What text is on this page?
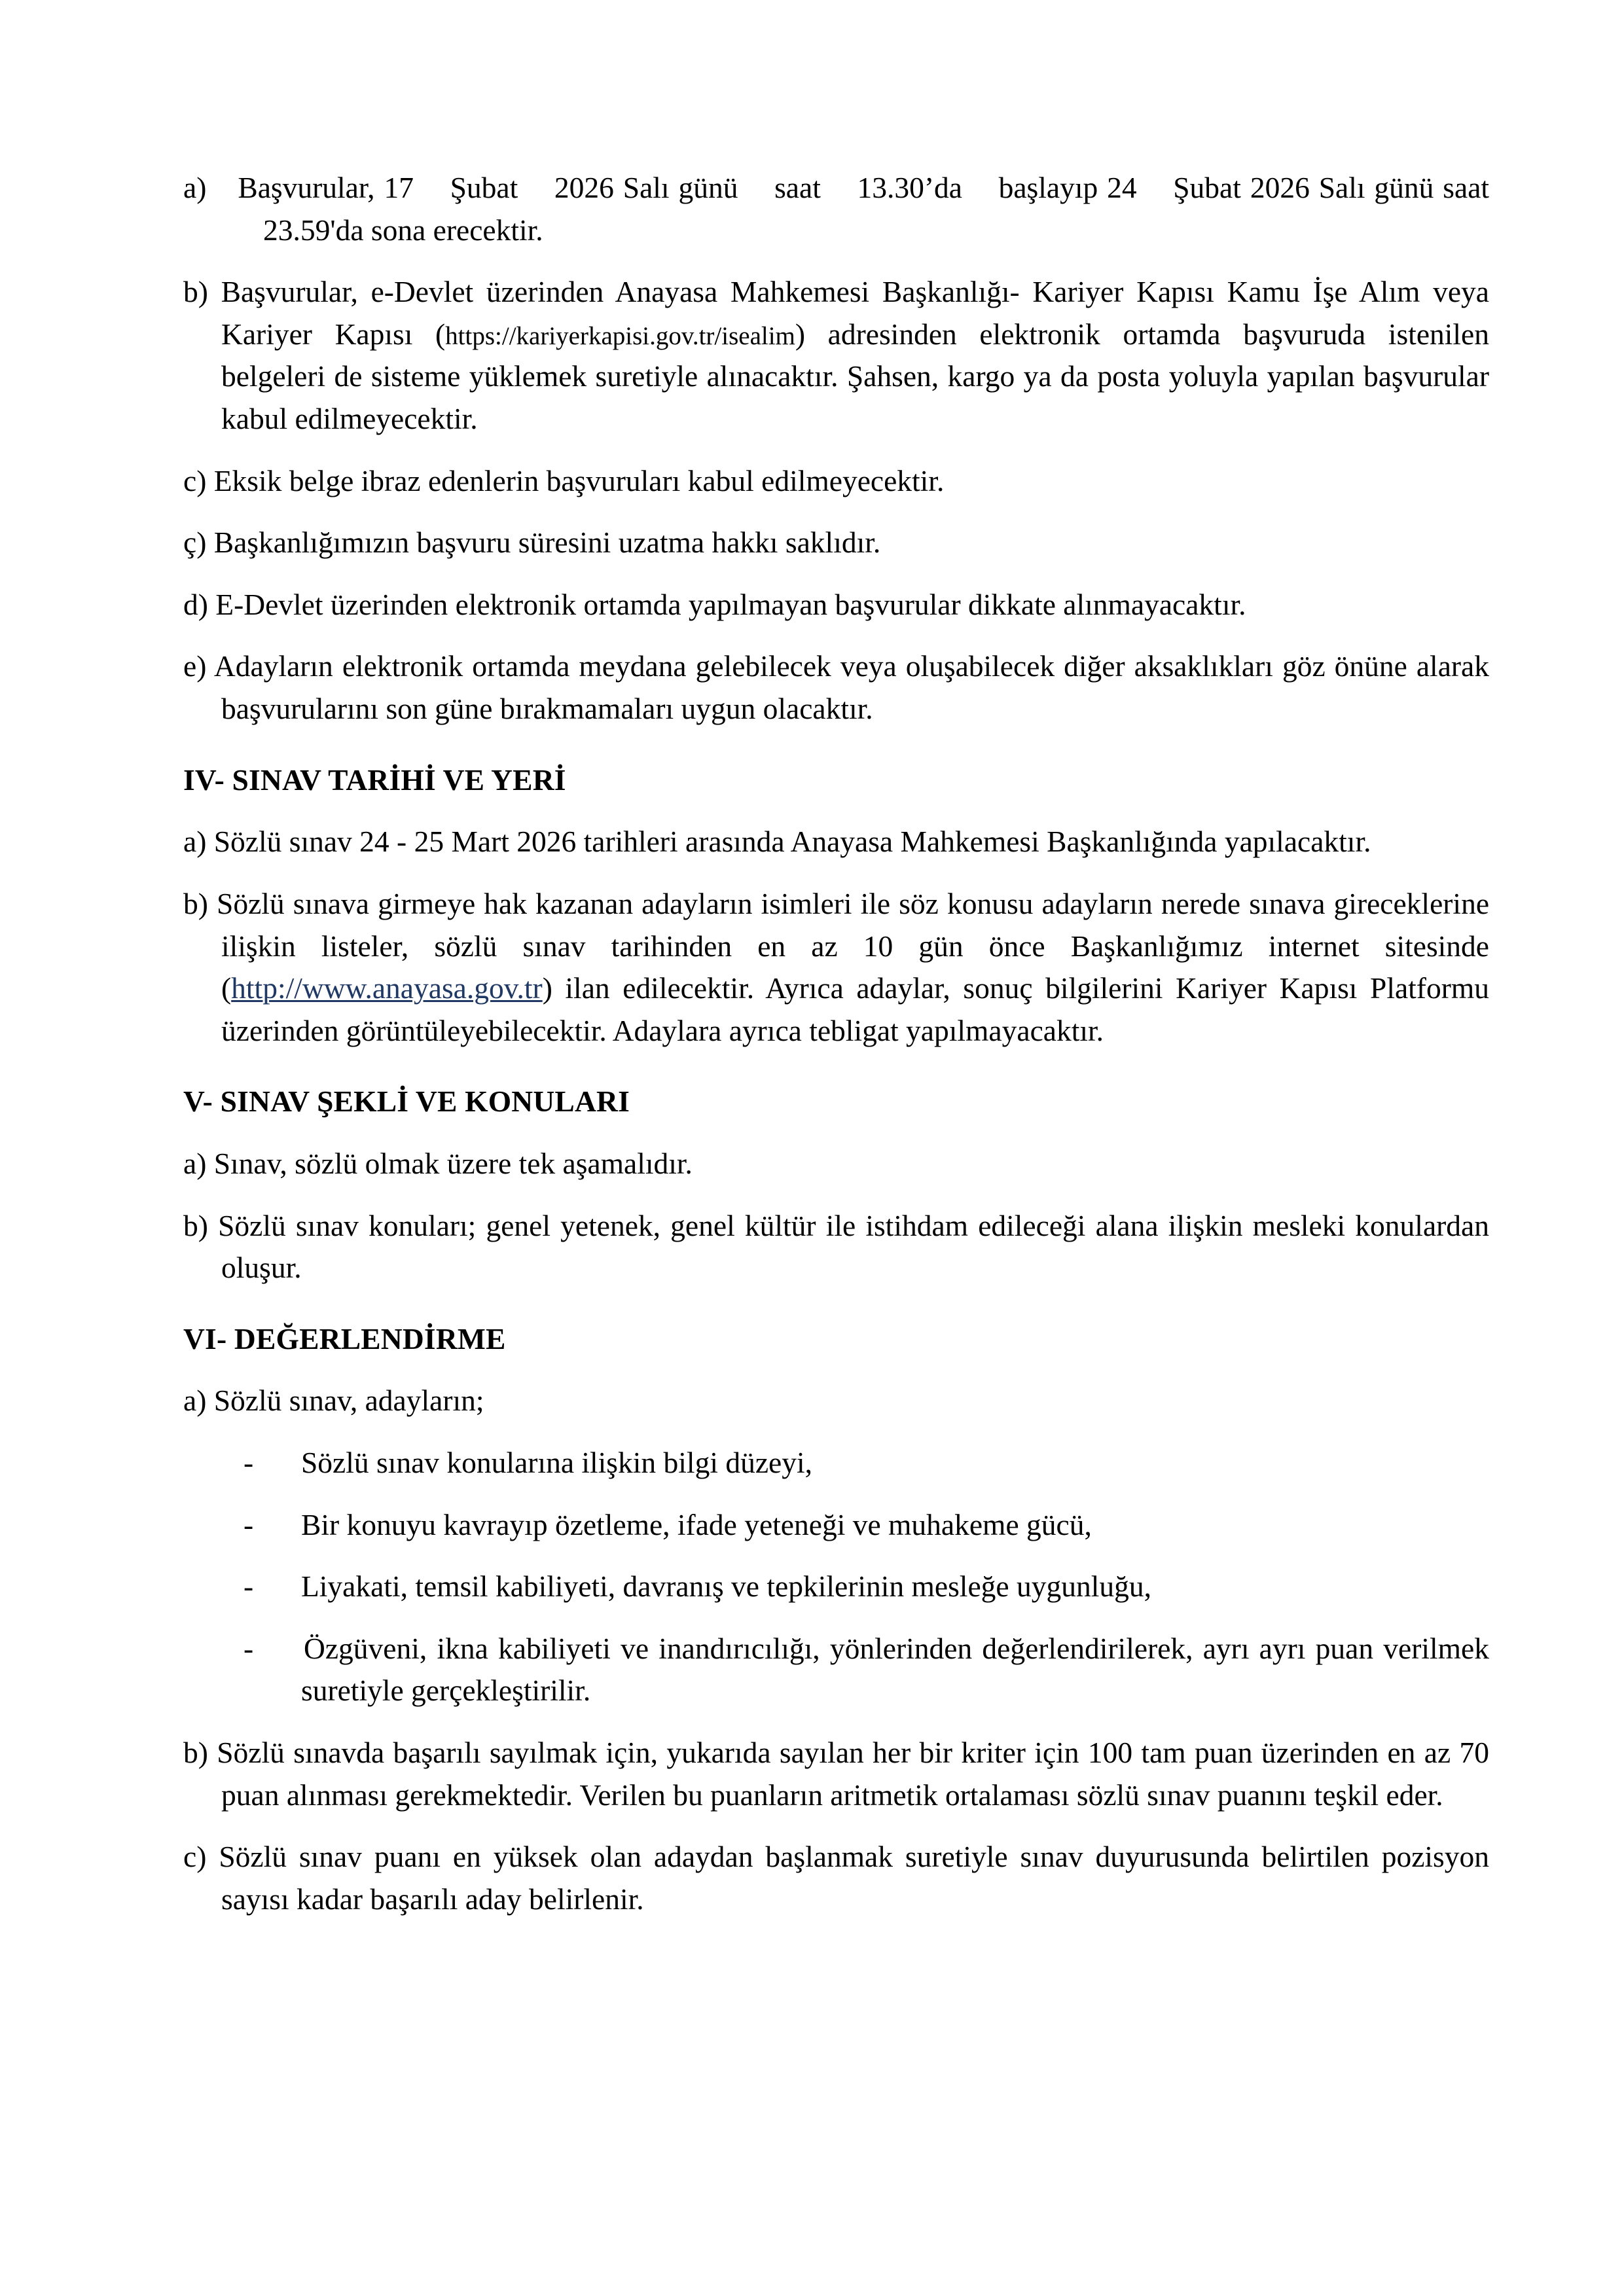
a) Başvurular, 17 Şubat 2026 Salı günü saat 13.30’da başlayıp 24 Şubat 2026 Salı günü saat 23.59'da sona erecektir.

b) Başvurular, e-Devlet üzerinden Anayasa Mahkemesi Başkanlığı- Kariyer Kapısı Kamu İşe Alım veya Kariyer Kapısı (https://kariyerkapisi.gov.tr/isealim) adresinden elektronik ortamda başvuruda istenilen belgeleri de sisteme yüklemek suretiyle alınacaktır. Şahsen, kargo ya da posta yoluyla yapılan başvurular kabul edilmeyecektir.

c) Eksik belge ibraz edenlerin başvuruları kabul edilmeyecektir.

ç) Başkanlığımızın başvuru süresini uzatma hakkı saklıdır.

d) E-Devlet üzerinden elektronik ortamda yapılmayan başvurular dikkate alınmayacaktır.

e) Adayların elektronik ortamda meydana gelebilecek veya oluşabilecek diğer aksaklıkları göz önüne alarak başvurularını son güne bırakmamaları uygun olacaktır.

IV- SINAV TARİHİ VE YERİ

a) Sözlü sınav 24 - 25 Mart 2026 tarihleri arasında Anayasa Mahkemesi Başkanlığında yapılacaktır.

b) Sözlü sınava girmeye hak kazanan adayların isimleri ile söz konusu adayların nerede sınava gireceklerine ilişkin listeler, sözlü sınav tarihinden en az 10 gün önce Başkanlığımız internet sitesinde (http://www.anayasa.gov.tr) ilan edilecektir. Ayrıca adaylar, sonuç bilgilerini Kariyer Kapısı Platformu üzerinden görüntüleyebilecektir. Adaylara ayrıca tebligat yapılmayacaktır.

V- SINAV ŞEKLİ VE KONULARI

a) Sınav, sözlü olmak üzere tek aşamalıdır.

b) Sözlü sınav konuları; genel yetenek, genel kültür ile istihdam edileceği alana ilişkin mesleki konulardan oluşur.

VI- DEĞERLENDİRME

a) Sözlü sınav, adayların;

- Sözlü sınav konularına ilişkin bilgi düzeyi,
- Bir konuyu kavrayıp özetleme, ifade yeteneği ve muhakeme gücü,
- Liyakati, temsil kabiliyeti, davranış ve tepkilerinin mesleğe uygunluğu,
- Özgüveni, ikna kabiliyeti ve inandırıcılığı, yönlerinden değerlendirilerek, ayrı ayrı puan verilmek suretiyle gerçekleştirilir.

b) Sözlü sınavda başarılı sayılmak için, yukarıda sayılan her bir kriter için 100 tam puan üzerinden en az 70 puan alınması gerekmektedir. Verilen bu puanların aritmetik ortalaması sözlü sınav puanını teşkil eder.

c) Sözlü sınav puanı en yüksek olan adaydan başlanmak suretiyle sınav duyurusunda belirtilen pozisyon sayısı kadar başarılı aday belirlenir.
